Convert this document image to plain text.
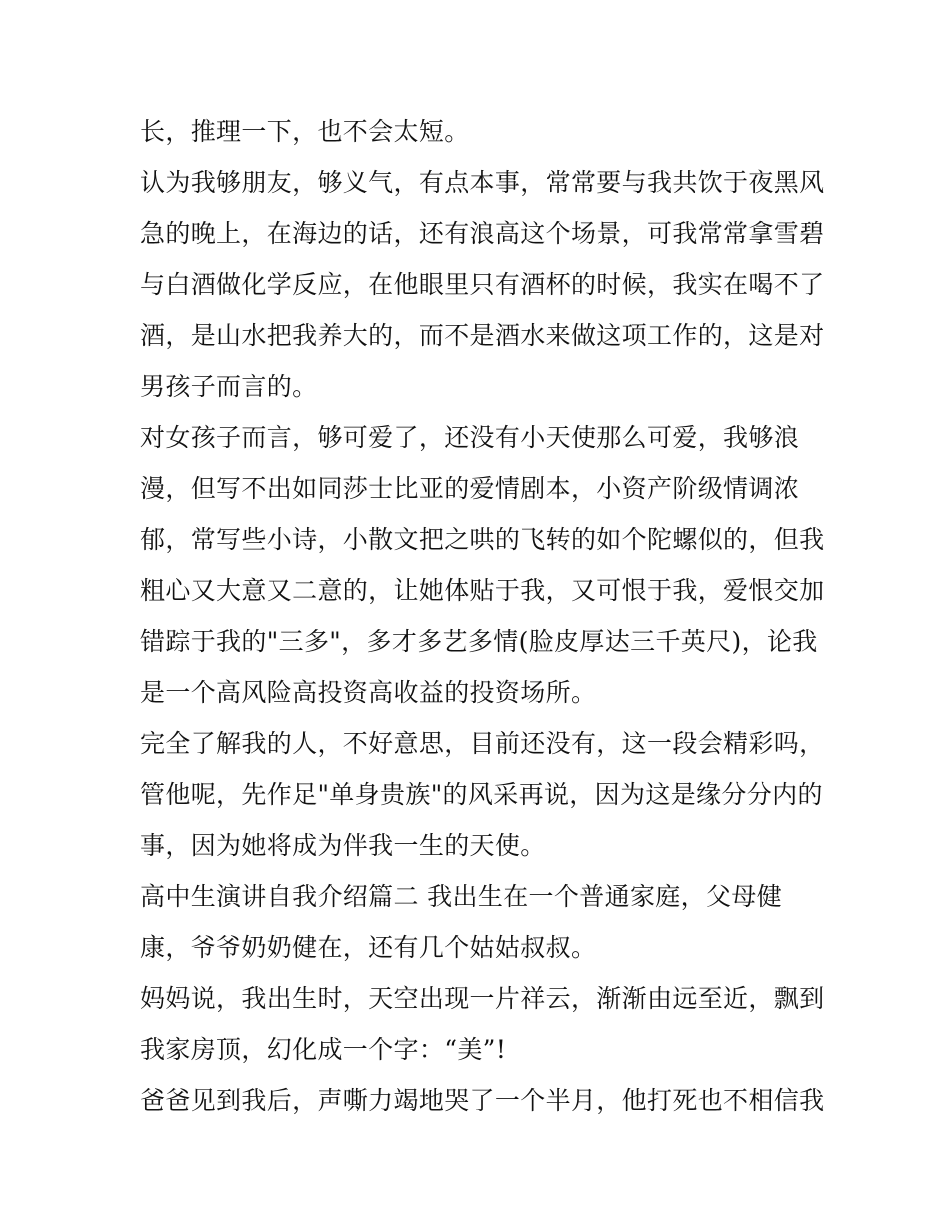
长，推理一下，也不会太短。
认为我够朋友，够义气，有点本事，常常要与我共饮于夜黑风
急的晚上，在海边的话，还有浪高这个场景，可我常常拿雪碧
与白酒做化学反应，在他眼里只有酒杯的时候，我实在喝不了
酒，是山水把我养大的，而不是酒水来做这项工作的，这是对
男孩子而言的。
对女孩子而言，够可爱了，还没有小天使那么可爱，我够浪
漫，但写不出如同莎士比亚的爱情剧本，小资产阶级情调浓
郁，常写些小诗，小散文把之哄的飞转的如个陀螺似的，但我
粗心又大意又二意的，让她体贴于我，又可恨于我，爱恨交加
错踪于我的"三多"，多才多艺多情(脸皮厚达三千英尺)，论我
是一个高风险高投资高收益的投资场所。
完全了解我的人，不好意思，目前还没有，这一段会精彩吗，
管他呢，先作足"单身贵族"的风采再说，因为这是缘分分内的
事，因为她将成为伴我一生的天使。
高中生演讲自我介绍篇二 我出生在一个普通家庭，父母健
康，爷爷奶奶健在，还有几个姑姑叔叔。
妈妈说，我出生时，天空出现一片祥云，渐渐由远至近，飘到
我家房顶，幻化成一个字：“美”!
爸爸见到我后，声嘶力竭地哭了一个半月，他打死也不相信我
